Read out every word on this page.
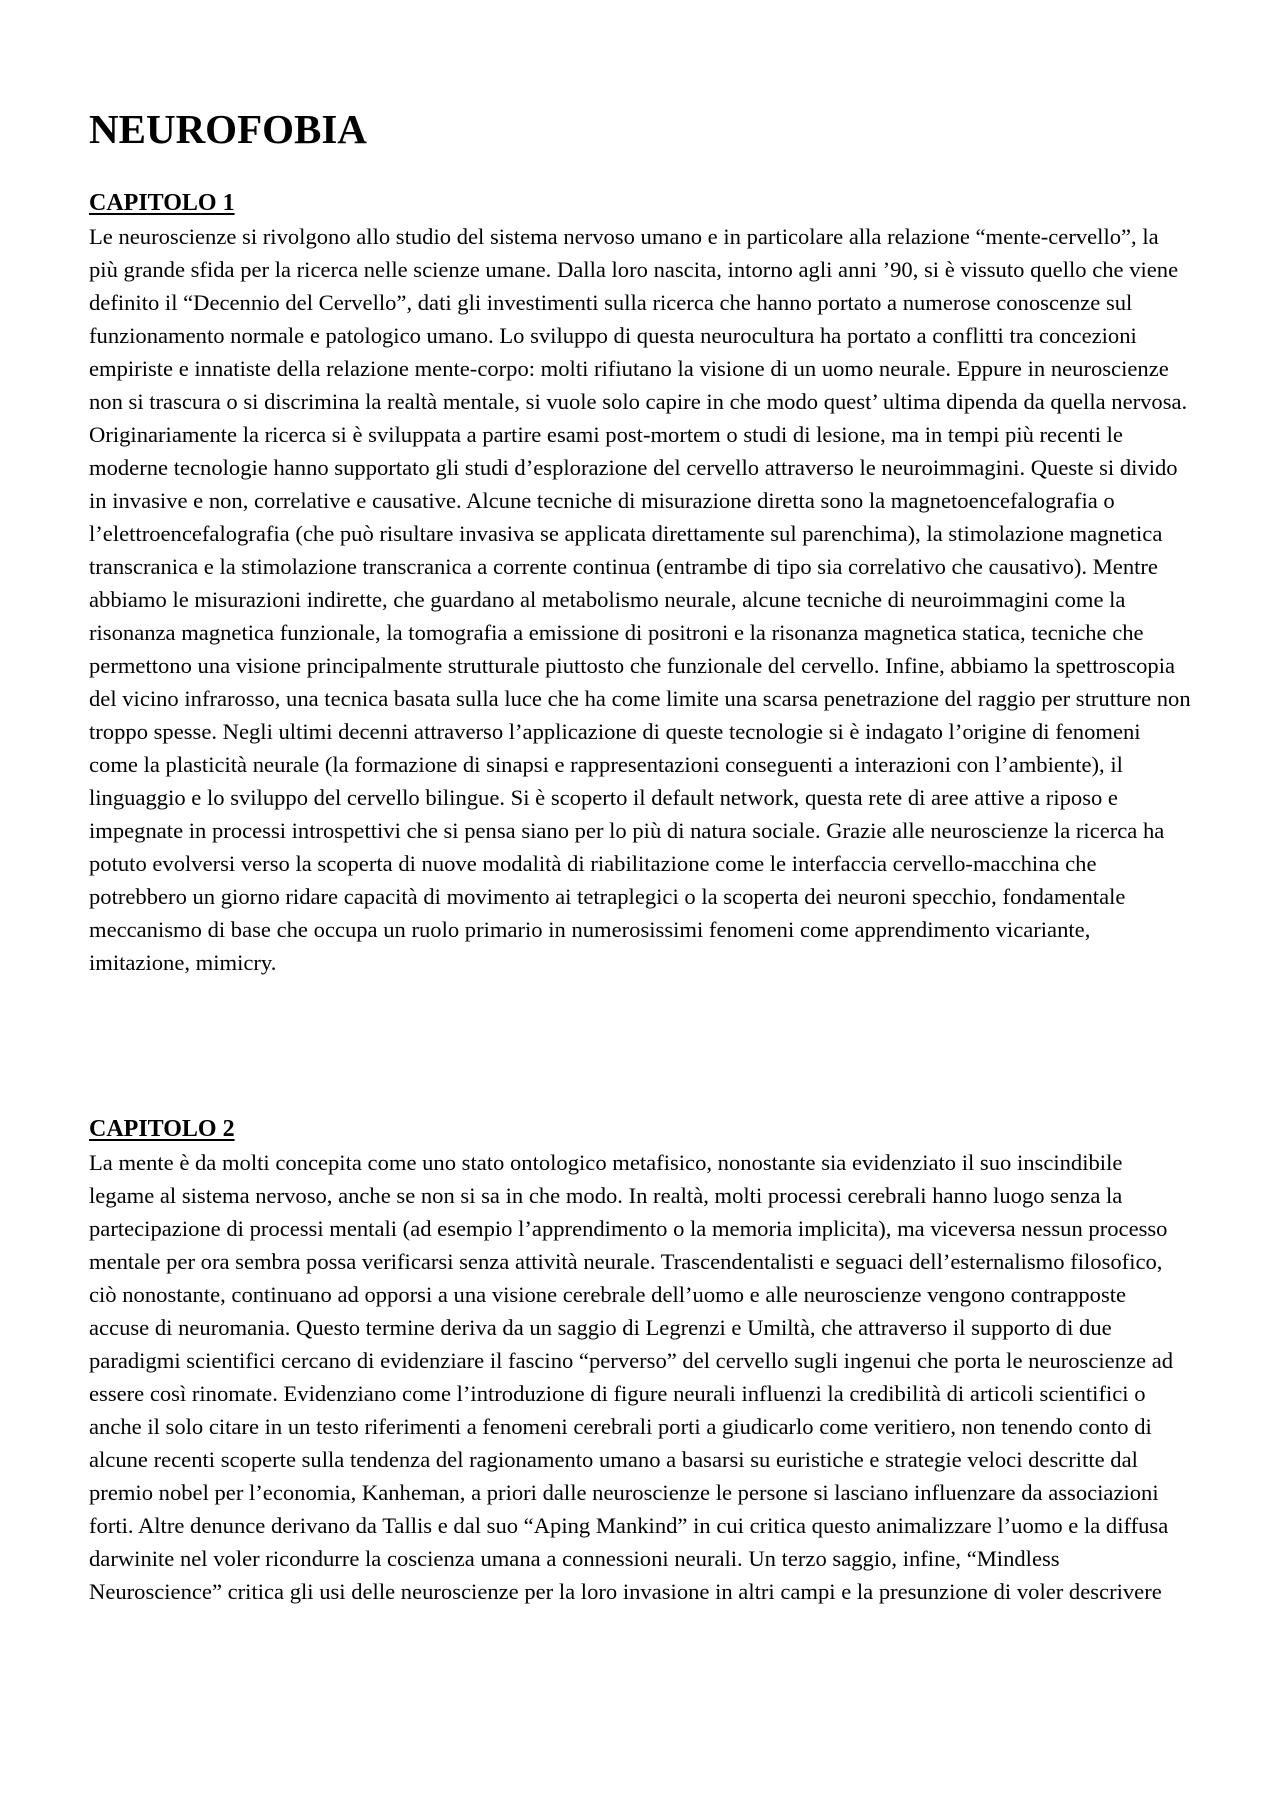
NEUROFOBIA
CAPITOLO 1

Le neuroscienze si rivolgono allo studio del sistema nervoso umano e in particolare alla relazione “mente-cervello”, la più grande sfida per la ricerca nelle scienze umane. Dalla loro nascita, intorno agli anni ’90, si è vissuto quello che viene definito il “Decennio del Cervello”, dati gli investimenti sulla ricerca che hanno portato a numerose conoscenze sul funzionamento normale e patologico umano. Lo sviluppo di questa neurocultura ha portato a conflitti tra concezioni empiriste e innatiste della relazione mente-corpo: molti rifiutano la visione di un uomo neurale. Eppure in neuroscienze non si trascura o si discrimina la realtà mentale, si vuole solo capire in che modo quest’ ultima dipenda da quella nervosa. Originariamente la ricerca si è sviluppata a partire esami post-mortem o studi di lesione, ma in tempi più recenti le moderne tecnologie hanno supportato gli studi d’esplorazione del cervello attraverso le neuroimmagini. Queste si divido in invasive e non, correlative e causative. Alcune tecniche di misurazione diretta sono la magnetoencefalografia o l’elettroencefalografia (che può risultare invasiva se applicata direttamente sul parenchima), la stimolazione magnetica transcranica e la stimolazione transcranica a corrente continua (entrambe di tipo sia correlativo che causativo). Mentre abbiamo le misurazioni indirette, che guardano al metabolismo neurale, alcune tecniche di neuroimmagini come la risonanza magnetica funzionale, la tomografia a emissione di positroni e la risonanza magnetica statica, tecniche che permettono una visione principalmente strutturale piuttosto che funzionale del cervello. Infine, abbiamo la spettroscopia del vicino infrarosso, una tecnica basata sulla luce che ha come limite una scarsa penetrazione del raggio per strutture non troppo spesse. Negli ultimi decenni attraverso l’applicazione di queste tecnologie si è indagato l’origine di fenomeni come la plasticità neurale (la formazione di sinapsi e rappresentazioni conseguenti a interazioni con l’ambiente), il linguaggio e lo sviluppo del cervello bilingue. Si è scoperto il default network, questa rete di aree attive a riposo e impegnate in processi introspettivi che si pensa siano per lo più di natura sociale. Grazie alle neuroscienze la ricerca ha potuto evolversi verso la scoperta di nuove modalità di riabilitazione come le interfaccia cervello-macchina che potrebbero un giorno ridare capacità di movimento ai tetraplegici o la scoperta dei neuroni specchio, fondamentale meccanismo di base che occupa un ruolo primario in numerosissimi fenomeni come apprendimento vicariante, imitazione, mimicry.

CAPITOLO 2

La mente è da molti concepita come uno stato ontologico metafisico, nonostante sia evidenziato il suo inscindibile legame al sistema nervoso, anche se non si sa in che modo. In realtà, molti processi cerebrali hanno luogo senza la partecipazione di processi mentali (ad esempio l’apprendimento o la memoria implicita), ma viceversa nessun processo mentale per ora sembra possa verificarsi senza attività neurale. Trascendentalisti e seguaci dell’esternalismo filosofico, ciò nonostante, continuano ad opporsi a una visione cerebrale dell’uomo e alle neuroscienze vengono contrapposte accuse di neuromania. Questo termine deriva da un saggio di Legrenzi e Umiltà, che attraverso il supporto di due paradigmi scientifici cercano di evidenziare il fascino “perverso” del cervello sugli ingenui che porta le neuroscienze ad essere così rinomate. Evidenziano come l’introduzione di figure neurali influenzi la credibilità di articoli scientifici o anche il solo citare in un testo riferimenti a fenomeni cerebrali porti a giudicarlo come veritiero, non tenendo conto di alcune recenti scoperte sulla tendenza del ragionamento umano a basarsi su euristiche e strategie veloci descritte dal premio nobel per l’economia, Kanheman, a priori dalle neuroscienze le persone si lasciano influenzare da associazioni forti. Altre denunce derivano da Tallis e dal suo “Aping Mankind” in cui critica questo animalizzare l’uomo e la diffusa darwinite nel voler ricondurre la coscienza umana a connessioni neurali. Un terzo saggio, infine, “Mindless Neuroscience” critica gli usi delle neuroscienze per la loro invasione in altri campi e la presunzione di voler descrivere
